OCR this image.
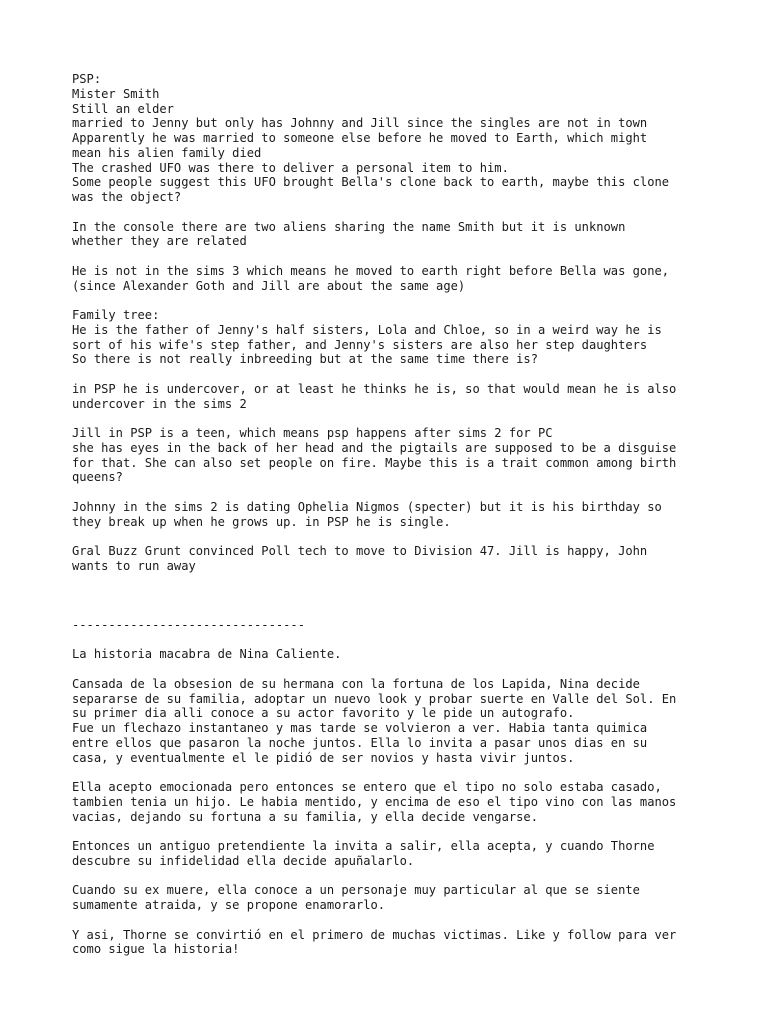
PSP:
Mister Smith
Still an elder
married to Jenny but only has Johnny and Jill since the singles are not in town
Apparently he was married to someone else before he moved to Earth, which might
mean his alien family died
The crashed UFO was there to deliver a personal item to him.
Some people suggest this UFO brought Bella's clone back to earth, maybe this clone
was the object?
In the console there are two aliens sharing the name Smith but it is unknown
whether they are related
He is not in the sims 3 which means he moved to earth right before Bella was gone,
(since Alexander Goth and Jill are about the same age)
Family tree:
He is the father of Jenny's half sisters, Lola and Chloe, so in a weird way he is
sort of his wife's step father, and Jenny's sisters are also her step daughters
So there is not really inbreeding but at the same time there is?
in PSP he is undercover, or at least he thinks he is, so that would mean he is also
undercover in the sims 2
Jill in PSP is a teen, which means psp happens after sims 2 for PC
she has eyes in the back of her head and the pigtails are supposed to be a disguise
for that. She can also set people on fire. Maybe this is a trait common among birth
queens?
Johnny in the sims 2 is dating Ophelia Nigmos (specter) but it is his birthday so
they break up when he grows up. in PSP he is single.
Gral Buzz Grunt convinced Poll tech to move to Division 47. Jill is happy, John
wants to run away
--------------------------------
La historia macabra de Nina Caliente.
Cansada de la obsesion de su hermana con la fortuna de los Lapida, Nina decide
separarse de su familia, adoptar un nuevo look y probar suerte en Valle del Sol. En
su primer dia alli conoce a su actor favorito y le pide un autografo.
Fue un flechazo instantaneo y mas tarde se volvieron a ver. Habia tanta quimica
entre ellos que pasaron la noche juntos. Ella lo invita a pasar unos dias en su
casa, y eventualmente el le pidió de ser novios y hasta vivir juntos.
Ella acepto emocionada pero entonces se entero que el tipo no solo estaba casado,
tambien tenia un hijo. Le habia mentido, y encima de eso el tipo vino con las manos
vacias, dejando su fortuna a su familia, y ella decide vengarse.
Entonces un antiguo pretendiente la invita a salir, ella acepta, y cuando Thorne
descubre su infidelidad ella decide apuñalarlo.
Cuando su ex muere, ella conoce a un personaje muy particular al que se siente
sumamente atraida, y se propone enamorarlo.
Y asi, Thorne se convirtió en el primero de muchas victimas. Like y follow para ver
como sigue la historia!
